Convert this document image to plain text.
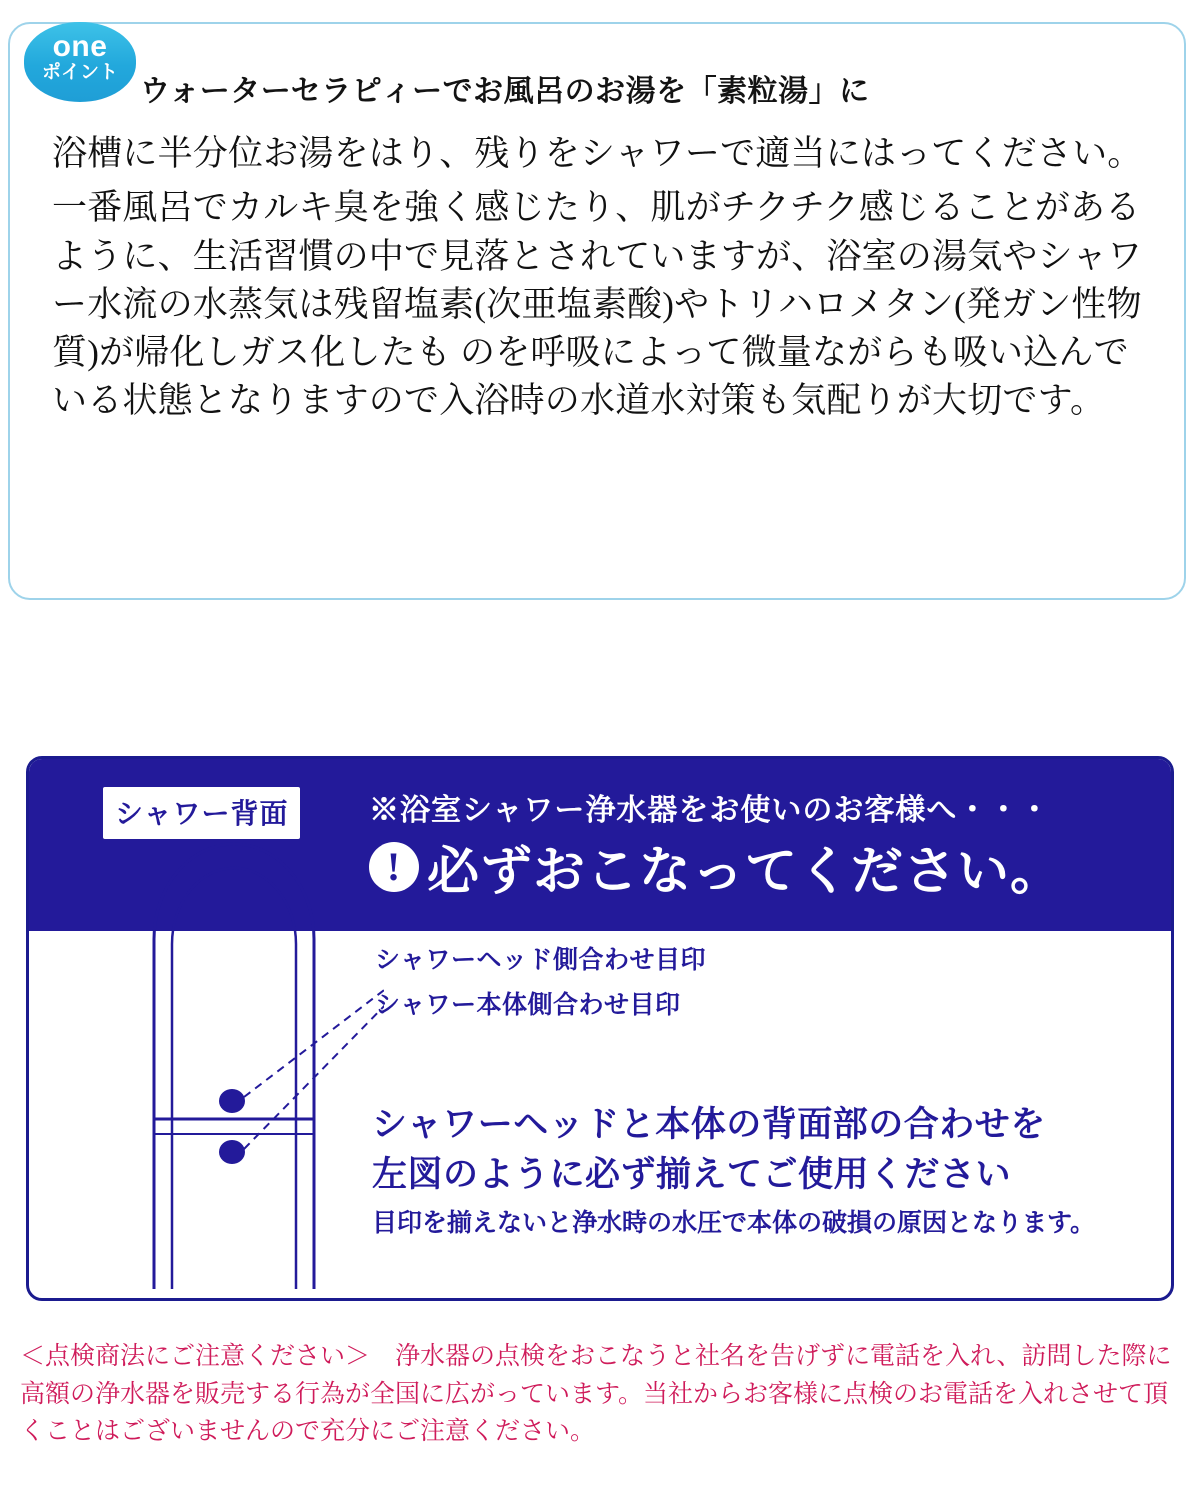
one
ポイント
ウォーターセラピィーでお風呂のお湯を「素粒湯」に

浴槽に半分位お湯をはり、残りをシャワーで適当にはってください。

一番風呂でカルキ臭を強く感じたり、肌がチクチク感じることがあるように、生活習慣の中で見落とされていますが、浴室の湯気やシャワー水流の水蒸気は残留塩素(次亜塩素酸)やトリハロメタン(発ガン性物質)が帰化しガス化したも のを呼吸によって微量ながらも吸い込んでいる状態となりますので入浴時の水道水対策も気配りが大切です。

シャワー背面	※浴室シャワー浄水器をお使いのお客様へ・・・
! 必ずおこなってください。
シャワーヘッド側合わせ目印
シャワー本体側合わせ目印
シャワーヘッドと本体の背面部の合わせを
左図のように必ず揃えてご使用ください
目印を揃えないと浄水時の水圧で本体の破損の原因となります。
＜点検商法にご注意ください＞　浄水器の点検をおこなうと社名を告げずに電話を入れ、訪問した際に高額の浄水器を販売する行為が全国に広がっています。当社からお客様に点検のお電話を入れさせて頂くことはございませんので充分にご注意ください。
